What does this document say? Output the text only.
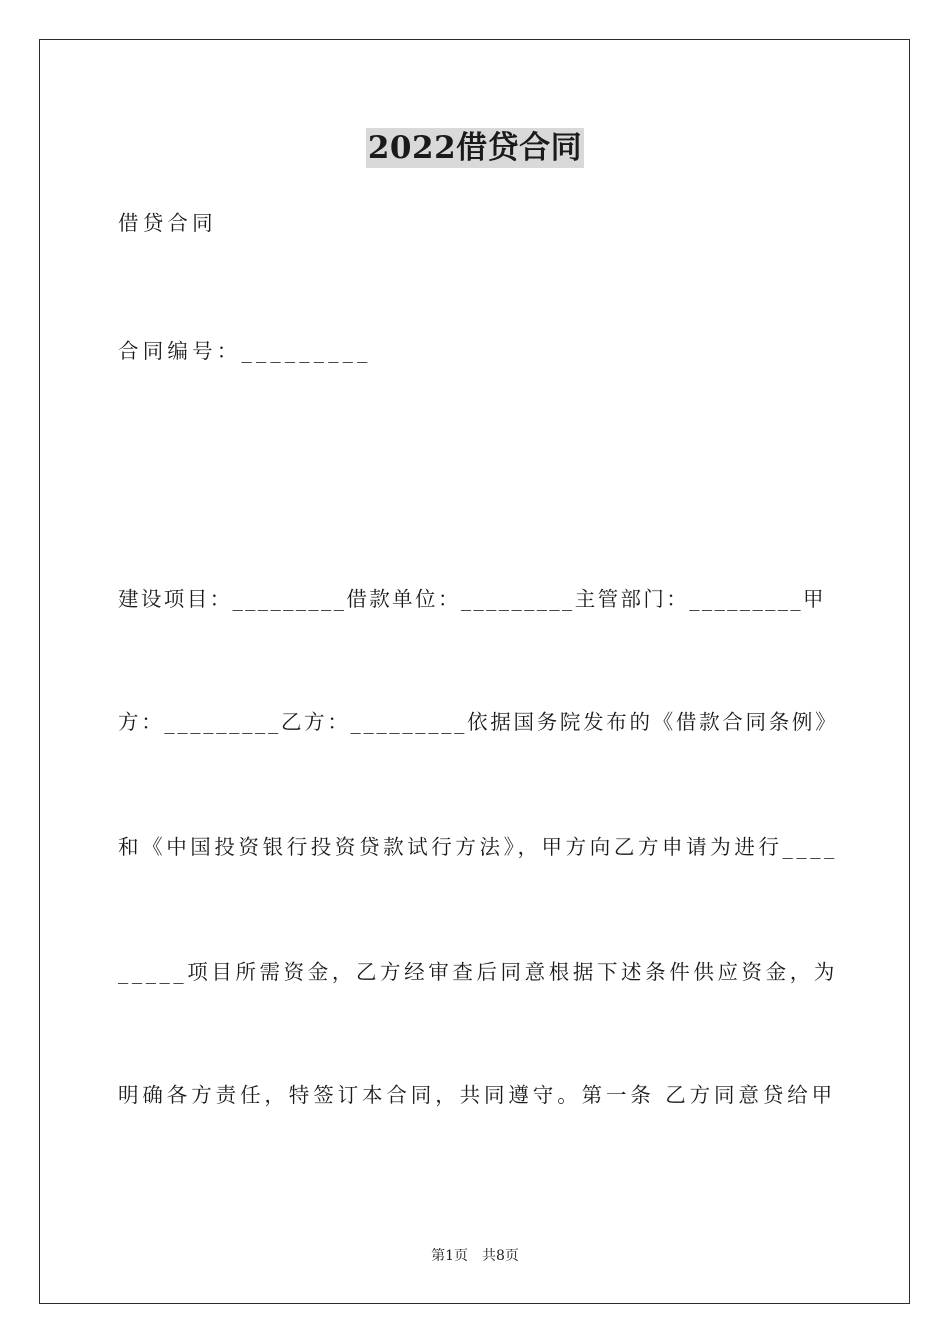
2022借贷合同
借贷合同
合同编号：_________
建设项目：_________借款单位：_________主管部门：_________甲
方：_________乙方：_________依据国务院发布的《借款合同条例》
和《中国投资银行投资贷款试行方法》，甲方向乙方申请为进行____
_____项目所需资金，乙方经审查后同意根据下述条件供应资金，为
明确各方责任，特签订本合同，共同遵守。第一条 乙方同意贷给甲
第1页 共8页
